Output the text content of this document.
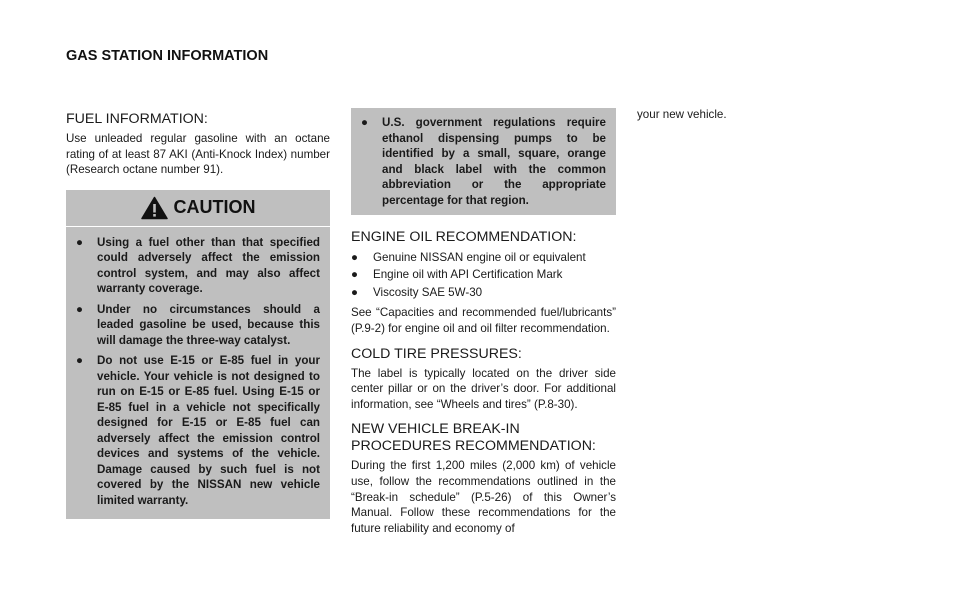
GAS STATION INFORMATION
FUEL INFORMATION:

Use unleaded regular gasoline with an octane rating of at least 87 AKI (Anti-Knock Index) number (Research octane number 91).

CAUTION
● Using a fuel other than that specified could adversely affect the emission control system, and may also affect warranty coverage.
● Under no circumstances should a leaded gasoline be used, because this will damage the three-way catalyst.
● Do not use E-15 or E-85 fuel in your vehicle. Your vehicle is not designed to run on E-15 or E-85 fuel. Using E-15 or E-85 fuel in a vehicle not specifically designed for E-15 or E-85 fuel can adversely affect the emission control devices and systems of the vehicle. Damage caused by such fuel is not covered by the NISSAN new vehicle limited warranty.
● U.S. government regulations require ethanol dispensing pumps to be identified by a small, square, orange and black label with the common abbreviation or the appropriate percentage for that region.
ENGINE OIL RECOMMENDATION:
● Genuine NISSAN engine oil or equivalent
● Engine oil with API Certification Mark
● Viscosity SAE 5W-30

See “Capacities and recommended fuel/lubricants” (P.9-2) for engine oil and oil filter recommendation.

COLD TIRE PRESSURES:

The label is typically located on the driver side center pillar or on the driver’s door. For additional information, see “Wheels and tires” (P.8-30).

NEW VEHICLE BREAK-IN PROCEDURES RECOMMENDATION:

During the first 1,200 miles (2,000 km) of vehicle use, follow the recommendations outlined in the “Break-in schedule” (P.5-26) of this Owner’s Manual. Follow these recommendations for the future reliability and economy of

your new vehicle.
